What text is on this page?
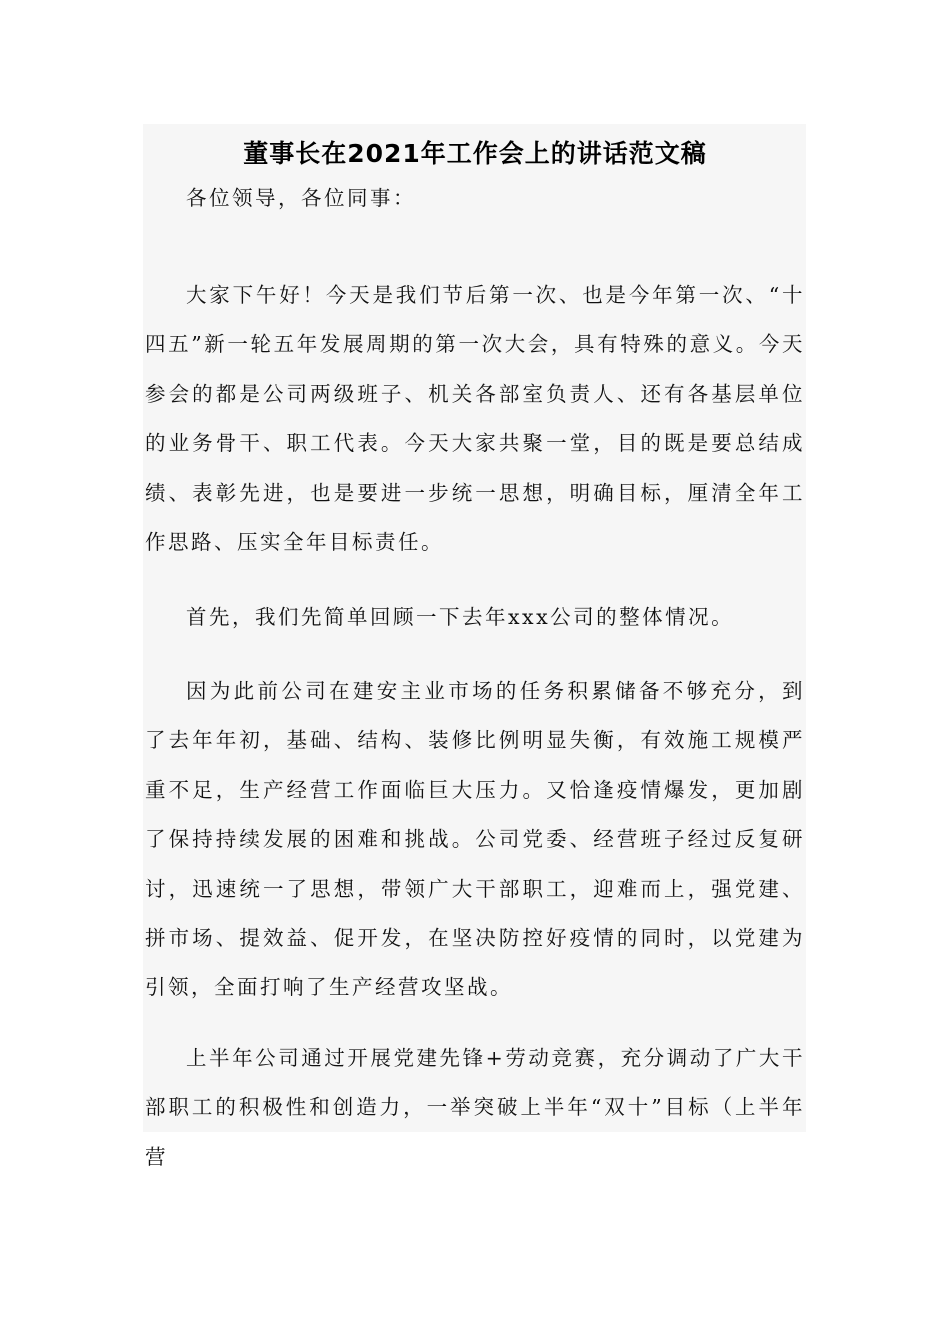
董事长在2021年工作会上的讲话范文稿

各位领导，各位同事：

大家下午好！今天是我们节后第一次、也是今年第一次、“十四五”新一轮五年发展周期的第一次大会，具有特殊的意义。今天参会的都是公司两级班子、机关各部室负责人、还有各基层单位的业务骨干、职工代表。今天大家共聚一堂，目的既是要总结成绩、表彰先进，也是要进一步统一思想，明确目标，厘清全年工作思路、压实全年目标责任。

首先，我们先简单回顾一下去年xxx公司的整体情况。

因为此前公司在建安主业市场的任务积累储备不够充分，到了去年年初，基础、结构、装修比例明显失衡，有效施工规模严重不足，生产经营工作面临巨大压力。又恰逢疫情爆发，更加剧了保持持续发展的困难和挑战。公司党委、经营班子经过反复研讨，迅速统一了思想，带领广大干部职工，迎难而上，强党建、拼市场、提效益、促开发，在坚决防控好疫情的同时，以党建为引领，全面打响了生产经营攻坚战。

上半年公司通过开展党建先锋+劳动竞赛，充分调动了广大干部职工的积极性和创造力，一举突破上半年“双十”目标（上半年营
